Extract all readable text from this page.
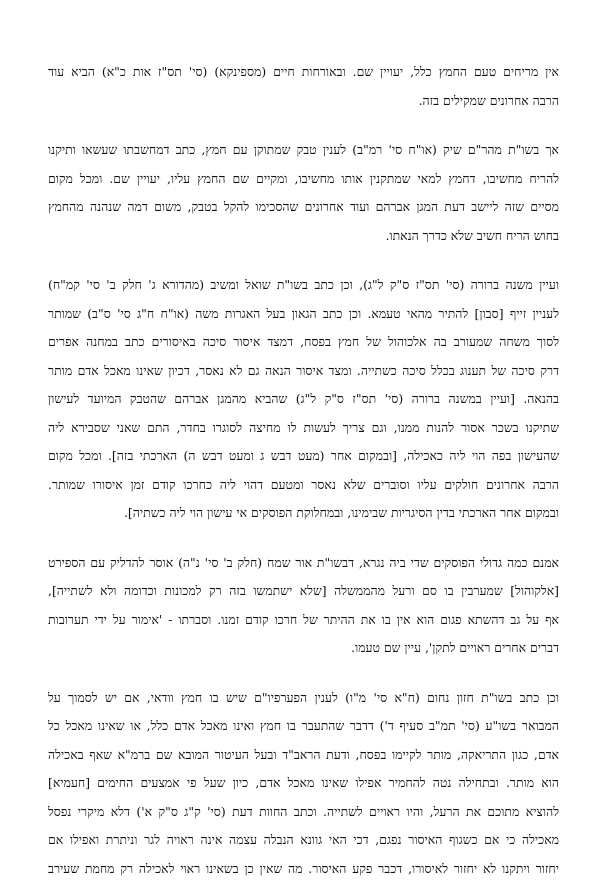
אין מריחים טעם החמץ כלל, יעויין שם. ובאורחות חיים (מספינקא) (סי' תס"ז אות כ"א) הביא עוד
הרבה אחרונים שמקילים בזה.
אך בשו"ת מהר"ם שיק (או"ח סי' רמ"ב) לענין טבק שמתוקן עם חמץ, כתב דמחשבתו שעשאו ותיקנו
להריח מחשיבו, דחמץ למאי שמתקנין אותו מחשיבו, ומקיים שם החמץ עליו, יעויין שם. ומכל מקום
מסיים שזה ליישב דעת המגן אברהם ועוד אחרונים שהסכימו להקל בטבק, משום דמה שנהנה מהחמץ
בחוש הריח חשיב שלא כדרך הנאתו.
ועיין משנה ברורה (סי' תס"ז ס"ק ל"ג), וכן כתב בשו"ת שואל ומשיב (מהדורא ג' חלק ב' סי' קמ"ח)
לעניין זייף [סבון] להתיר מהאי טעמא. וכן כתב הגאון בעל האגרות משה (או"ח ח"ג סי' ס"ב) שמותר
לסוך משחה שמעורב בה אלכוהול של חמץ בפסח, דמצד איסור סיכה באיסורים כתב במחנה אפרים
דרק סיכה של תענוג בכלל סיכה כשתייה. ומצד איסור הנאה גם לא נאסר, דכיון שאינו מאכל אדם מותר
בהנאה. [ועיין במשנה ברורה (סי' תס"ז ס"ק ל"ג) שהביא מהמגן אברהם שהטבק המיועד לעישון
שתיקנו בשכר אסור להנות ממנו, וגם צריך לעשות לו מחיצה לסוגרו בחדר, התם שאני שסבירא ליה
שהעישון בפה הוי ליה כאכילה, [ובמקום אחר (מעט דבש ג ומעט דבש ה) הארכתי בזה]. ומכל מקום
הרבה אחרונים חולקים עליו וסוברים שלא נאסר ומטעם דהוי ליה כחרכו קודם זמן איסורו שמותר.
ובמקום אחר הארכתי בדין הסיגריות שבימינו, ובמחלוקת הפוסקים אי עישון הוי ליה כשתיה].
אמנם כמה גדולי הפוסקים שדי ביה נגרא, דבשו"ת אור שמח (חלק ב' סי' נ"ה) אוסר להדליק עם הספירט
[אלקוהול] שמערבין בו סם ורעל מהממשלה [שלא ישתמשו בזה רק למכונות וכדומה ולא לשתייה],
אף על גב דהשתא פגום הוא אין בו את ההיתר של חרכו קודם זמנו. וסברתו - 'אימור על ידי תערובות
דברים אחרים ראויים לתקן', עיין שם טעמו.
וכן כתב בשו"ת חזון נחום (ח"א סי' מ"ו) לענין הפערפיו"ם שיש בו חמץ וודאי, אם יש לסמוך על
המבואר בשו"ע (סי' תמ"ב סעיף ד') דדבר שהתעבר בו חמץ ואינו מאכל אדם כלל, או שאינו מאכל כל
אדם, כגון התריאקה, מותר לקיימו בפסח, ודעת הראב"ד ובעל העיטור המובא שם ברמ"א שאף באכילה
הוא מותר. ובתחילה נטה להחמיר אפילו שאינו מאכל אדם, כיון שעל פי אמצעים החימים [חעמיא]
להוציא מתוכם את הרעל, והיו ראויים לשתייה. וכתב החוות דעת (סי' ק"ג ס"ק א') דלא מיקרי נפסל
מאכילה כי אם כשגוף האיסור נפגם, דכי האי גוונא הנבלה עצמה אינה ראויה לגר וניתרת ואפילו אם
יחזור ויתקנו לא יחזור לאיסורו, דכבר פקע האיסור. מה שאין כן בשאינו ראוי לאכילה רק מחמת שעירב
